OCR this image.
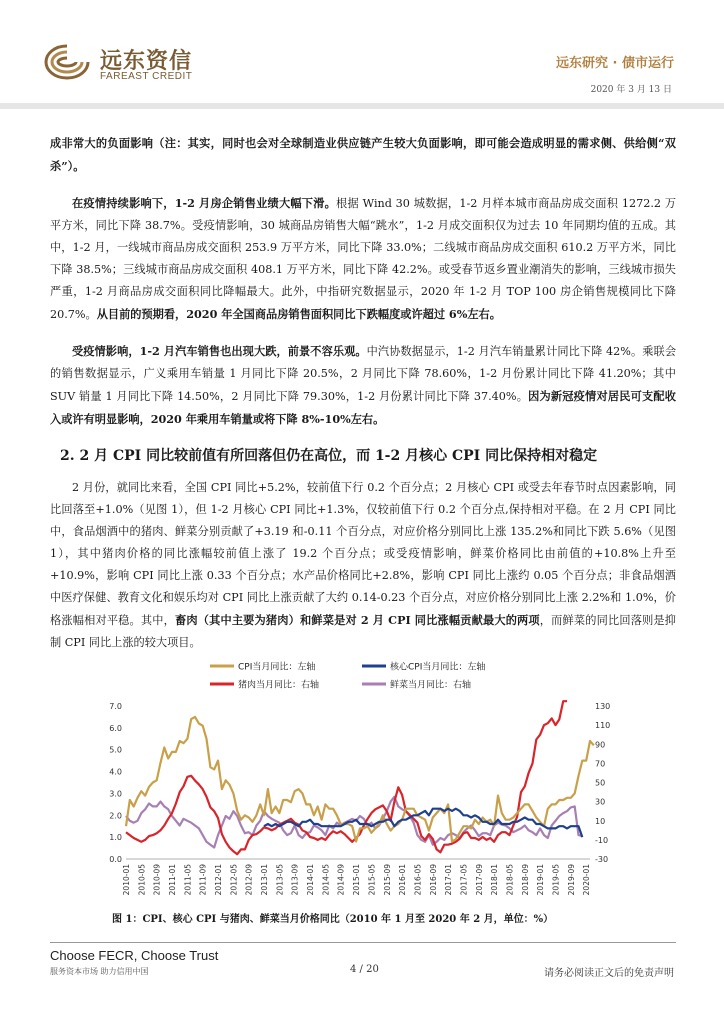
远东资信
FAREAST CREDIT
远东研究 · 债市运行
2020 年 3 月 13 日

成非常大的负面影响（注：其实，同时也会对全球制造业供应链产生较大负面影响，即可能会造成明显的需求侧、供给侧“双杀”）。

在疫情持续影响下，1-2 月房企销售业绩大幅下滑。根据 Wind 30 城数据，1-2 月样本城市商品房成交面积 1272.2 万平方米，同比下降 38.7%。受疫情影响，30 城商品房销售大幅“跳水”，1-2 月成交面积仅为过去 10 年同期均值的五成。其中，1-2 月，一线城市商品房成交面积 253.9 万平方米，同比下降 33.0%；二线城市商品房成交面积 610.2 万平方米，同比下降 38.5%；三线城市商品房成交面积 408.1 万平方米，同比下降 42.2%。或受春节返乡置业潮消失的影响，三线城市损失严重，1-2 月商品房成交面积同比降幅最大。此外，中指研究数据显示，2020 年 1-2 月 TOP 100 房企销售规模同比下降 20.7%。从目前的预期看，2020 年全国商品房销售面积同比下跌幅度或许超过 6%左右。

受疫情影响，1-2 月汽车销售也出现大跌，前景不容乐观。中汽协数据显示，1-2 月汽车销量累计同比下降 42%。乘联会的销售数据显示，广义乘用车销量 1 月同比下降 20.5%，2 月同比下降 78.60%，1-2 月份累计同比下降 41.20%；其中 SUV 销量 1 月同比下降 14.50%，2 月同比下降 79.30%，1-2 月份累计同比下降 37.40%。因为新冠疫情对居民可支配收入或许有明显影响，2020 年乘用车销量或将下降 8%-10%左右。

2. 2 月 CPI 同比较前值有所回落但仍在高位，而 1-2 月核心 CPI 同比保持相对稳定

2 月份，就同比来看，全国 CPI 同比+5.2%，较前值下行 0.2 个百分点；2 月核心 CPI 或受去年春节时点因素影响，同比回落至+1.0%（见图 1），但 1-2 月核心 CPI 同比+1.3%，仅较前值下行 0.2 个百分点,保持相对平稳。在 2 月 CPI 同比中，食品烟酒中的猪肉、鲜菜分别贡献了+3.19 和-0.11 个百分点，对应价格分别同比上涨 135.2%和同比下跌 5.6%（见图 1），其中猪肉价格的同比涨幅较前值上涨了 19.2 个百分点；或受疫情影响，鲜菜价格同比由前值的+10.8%上升至+10.9%，影响 CPI 同比上涨 0.33 个百分点；水产品价格同比+2.8%，影响 CPI 同比上涨约 0.05 个百分点；非食品烟酒中医疗保健、教育文化和娱乐均对 CPI 同比上涨贡献了大约 0.14-0.23 个百分点，对应价格分别同比上涨 2.2%和 1.0%，价格涨幅相对平稳。其中，畜肉（其中主要为猪肉）和鲜菜是对 2 月 CPI 同比涨幅贡献最大的两项，而鲜菜的同比回落则是抑制 CPI 同比上涨的较大项目。

0.0
1.0
2.0
3.0
4.0
5.0
6.0
7.0
-30
-10
10
30
50
70
90
110
130
2010-01 2010-05 2010-09 2011-01 2011-05 2011-09 2012-01 2012-05 2012-09 2013-01 2013-05 2013-09 2014-01 2014-05 2014-09 2015-01 2015-05 2015-09 2016-01 2016-05 2016-09 2017-01 2017-05 2017-09 2018-01 2018-05 2018-09 2019-01 2019-05 2019-09 2020-01
CPI当月同比：左轴	核心CPI当月同比：左轴
猪肉当月同比：右轴	鲜菜当月同比：右轴
图 1：CPI、核心 CPI 与猪肉、鲜菜当月价格同比（2010 年 1 月至 2020 年 2 月，单位：%）
Choose FECR, Choose Trust
服务资本市场 助力信用中国	4 / 20	请务必阅读正文后的免责声明
